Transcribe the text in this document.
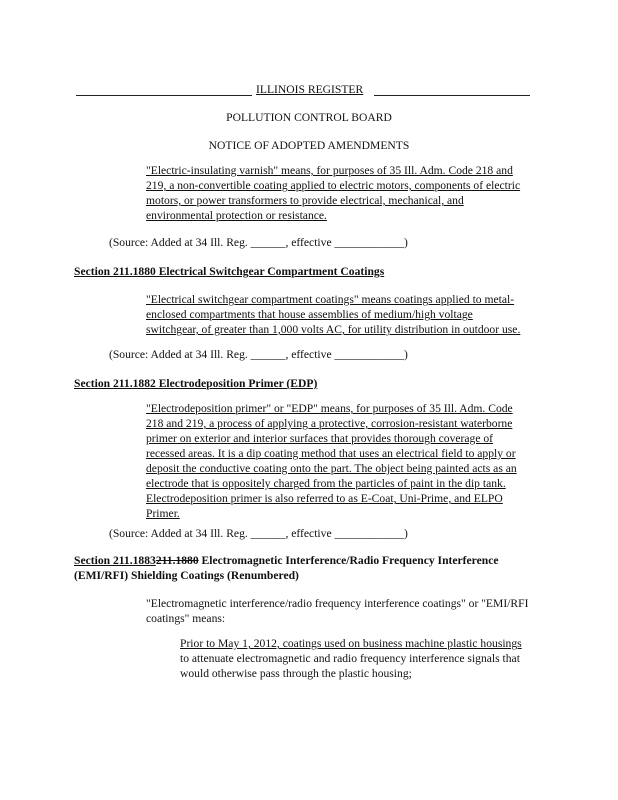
ILLINOIS REGISTER
POLLUTION CONTROL BOARD
NOTICE OF ADOPTED AMENDMENTS
"Electric-insulating varnish" means, for purposes of 35 Ill. Adm. Code 218 and
219, a non-convertible coating applied to electric motors, components of electric
motors, or power transformers to provide electrical, mechanical, and
environmental protection or resistance.
(Source: Added at 34 Ill. Reg. ______, effective ____________)
Section 211.1880 Electrical Switchgear Compartment Coatings
"Electrical switchgear compartment coatings" means coatings applied to metal-
enclosed compartments that house assemblies of medium/high voltage
switchgear, of greater than 1,000 volts AC, for utility distribution in outdoor use.
(Source: Added at 34 Ill. Reg. ______, effective ____________)
Section 211.1882 Electrodeposition Primer (EDP)
"Electrodeposition primer" or "EDP" means, for purposes of 35 Ill. Adm. Code
218 and 219, a process of applying a protective, corrosion-resistant waterborne
primer on exterior and interior surfaces that provides thorough coverage of
recessed areas. It is a dip coating method that uses an electrical field to apply or
deposit the conductive coating onto the part. The object being painted acts as an
electrode that is oppositely charged from the particles of paint in the dip tank.
Electrodeposition primer is also referred to as E-Coat, Uni-Prime, and ELPO
Primer.
(Source: Added at 34 Ill. Reg. ______, effective ____________)
Section 211.1883211.1880 Electromagnetic Interference/Radio Frequency Interference
(EMI/RFI) Shielding Coatings (Renumbered)
"Electromagnetic interference/radio frequency interference coatings" or "EMI/RFI
coatings" means:
Prior to May 1, 2012, coatings used on business machine plastic housings
to attenuate electromagnetic and radio frequency interference signals that
would otherwise pass through the plastic housing;
